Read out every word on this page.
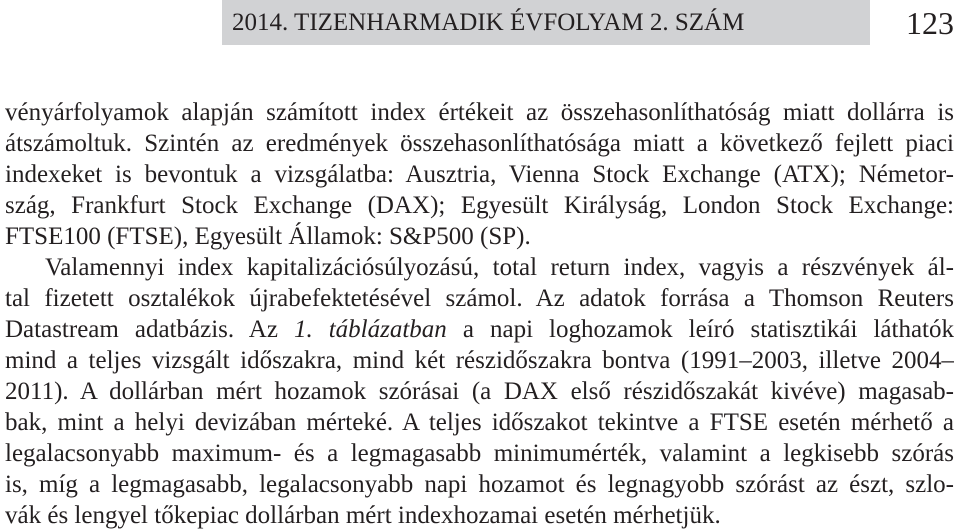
2014. TIZENHARMADIK ÉVFOLYAM 2. SZÁM	123
vényárfolyamok alapján számított index értékeit az összehasonlíthatóság miatt dollárra is
átszámoltuk. Szintén az eredmények összehasonlíthatósága miatt a következő fejlett piaci
indexeket is bevontuk a vizsgálatba: Ausztria, Vienna Stock Exchange (ATX); Németor-
szág, Frankfurt Stock Exchange (DAX); Egyesült Királyság, London Stock Exchange:
FTSE100 (FTSE), Egyesült Államok: S&P500 (SP).
Valamennyi index kapitalizációsúlyozású, total return index, vagyis a részvények ál-
tal fizetett osztalékok újrabefektetésével számol. Az adatok forrása a Thomson Reuters
Datastream adatbázis. Az 1. táblázatban a napi loghozamok leíró statisztikái láthatók
mind a teljes vizsgált időszakra, mind két részidőszakra bontva (1991–2003, illetve 2004–
2011). A dollárban mért hozamok szórásai (a DAX első részidőszakát kivéve) magasab-
bak, mint a helyi devizában mérteké. A teljes időszakot tekintve a FTSE esetén mérhető a
legalacsonyabb maximum- és a legmagasabb minimumérték, valamint a legkisebb szórás
is, míg a legmagasabb, legalacsonyabb napi hozamot és legnagyobb szórást az észt, szlo-
vák és lengyel tőkepiac dollárban mért indexhozamai esetén mérhetjük.
